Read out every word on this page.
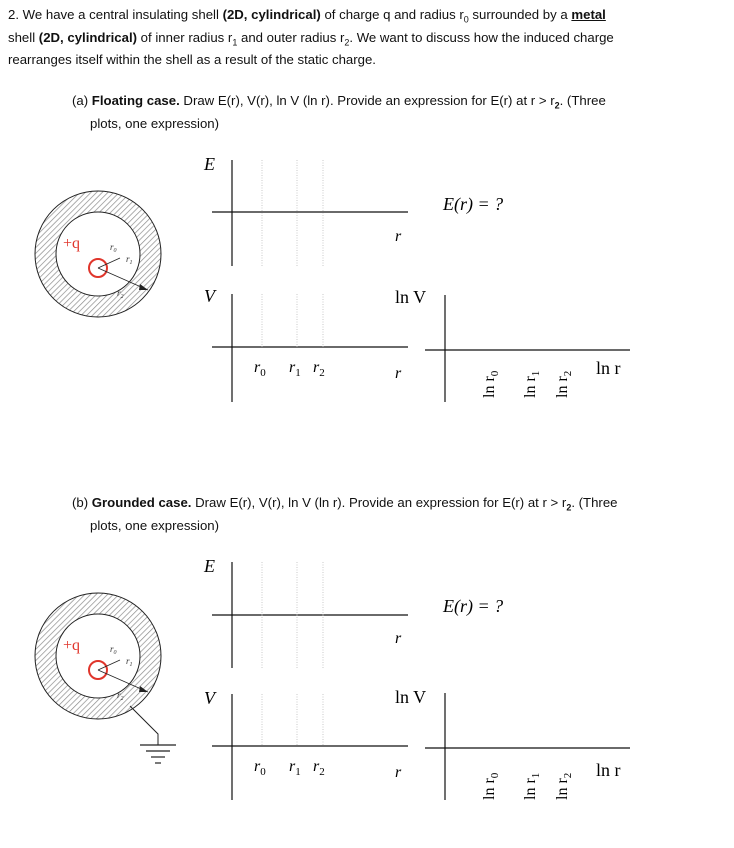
2. We have a central insulating shell (2D, cylindrical) of charge q and radius $r_0$ surrounded by a metal
shell (2D, cylindrical) of inner radius $r_1$ and outer radius $r_2$. We want to discuss how the induced charge
rearranges itself within the shell as a result of the static charge.
(a) Floating case. Draw E(r), V(r), ln V (ln r). Provide an expression for E(r) at $r > r_2$. (Three
plots, one expression)
(b) Grounded case. Draw E(r), V(r), ln V (ln r). Provide an expression for E(r) at $r > r_2$. (Three
plots, one expression)
+q	$r_0$
$r_1$
$r_2$
E
r
V
r
$r_0$ $r_1$ $r_2$
ln V
ln r
E(r) = ?
$\ln r_0$
$\ln r_1$
$\ln r_2$
+q	$r_0$
$r_1$
$r_2$
E
r
V
r
$r_0$ $r_1$ $r_2$
ln V
ln r
E(r) = ?
$\ln r_0$
$\ln r_1$
$\ln r_2$
